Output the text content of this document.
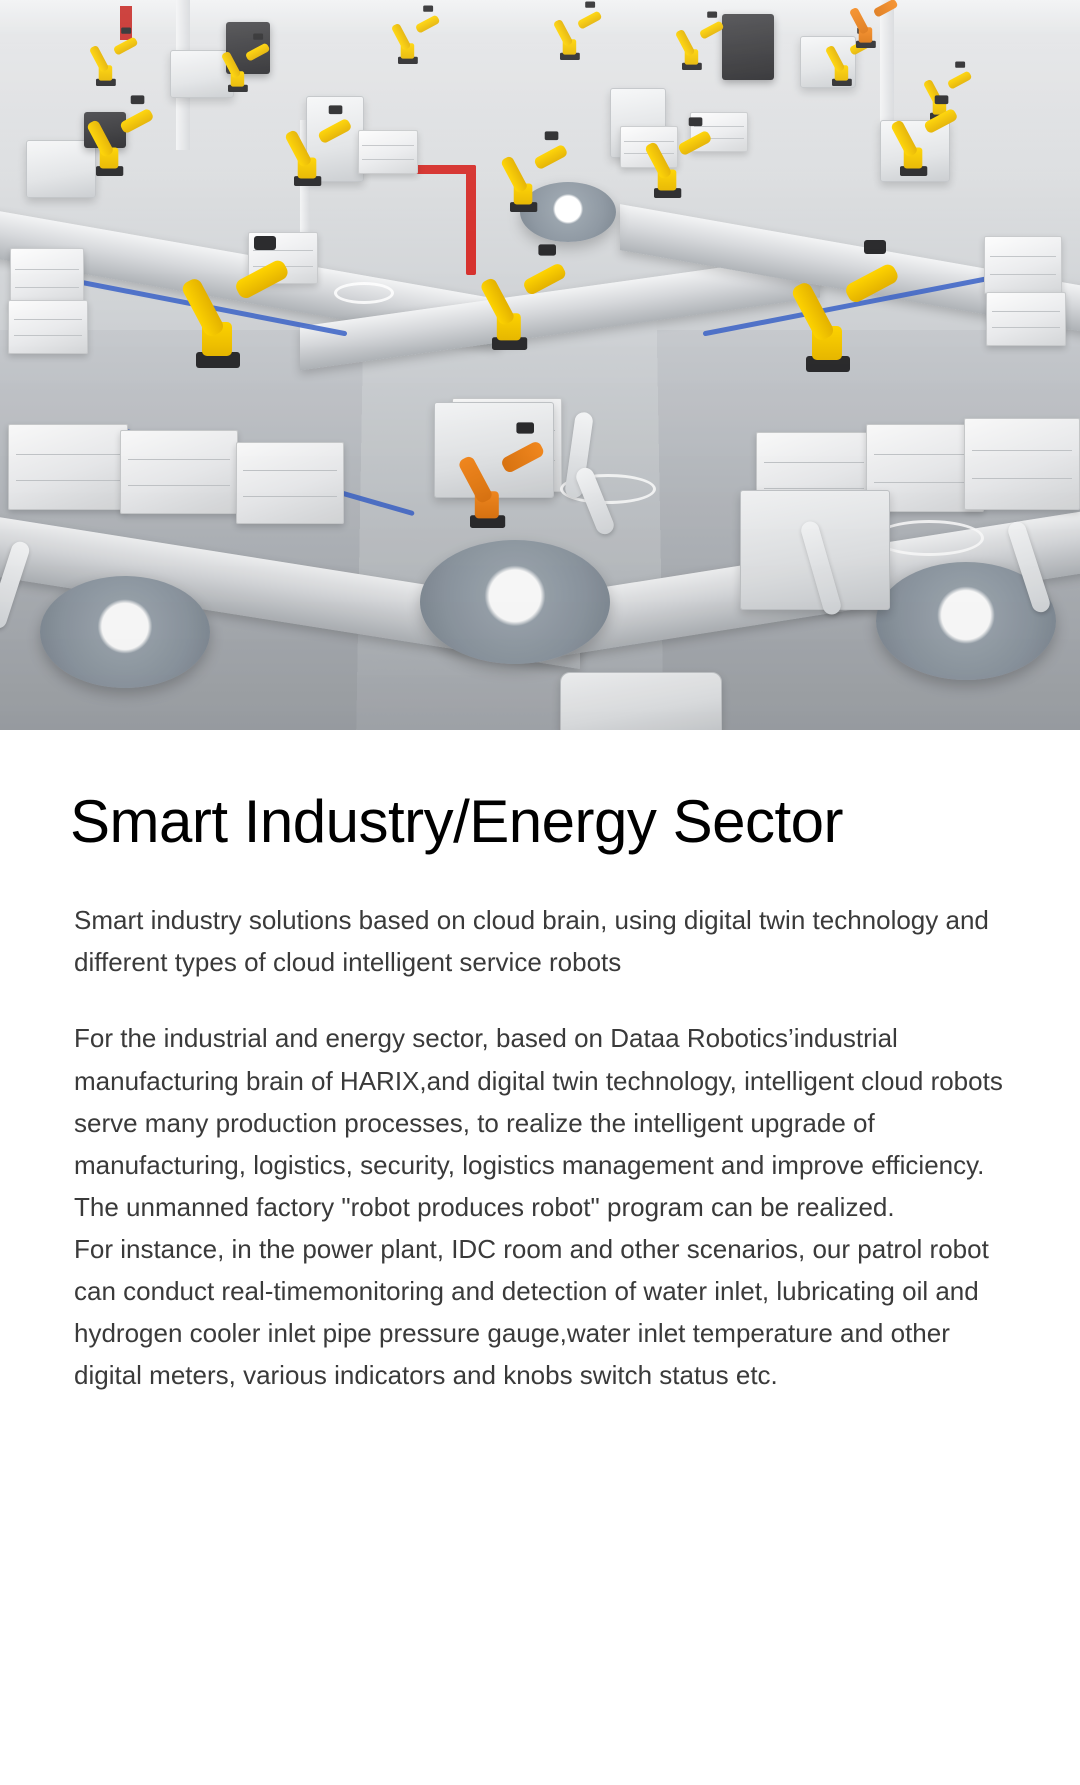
Smart Industry/Energy Sector

Smart industry solutions based on cloud brain, using digital twin technology and different types of cloud intelligent service robots

For the industrial and energy sector, based on Dataa Robotics’industrial manufacturing brain of HARIX,and digital twin technology, intelligent cloud robots serve many production processes, to realize the intelligent upgrade of manufacturing, logistics, security, logistics management and improve efficiency.

The unmanned factory "robot produces robot" program can be realized.

For instance, in the power plant, IDC room and other scenarios, our patrol robot can conduct real-timemonitoring and detection of water inlet, lubricating oil and hydrogen cooler inlet pipe pressure gauge,water inlet temperature and other digital meters, various indicators and knobs switch status etc.
